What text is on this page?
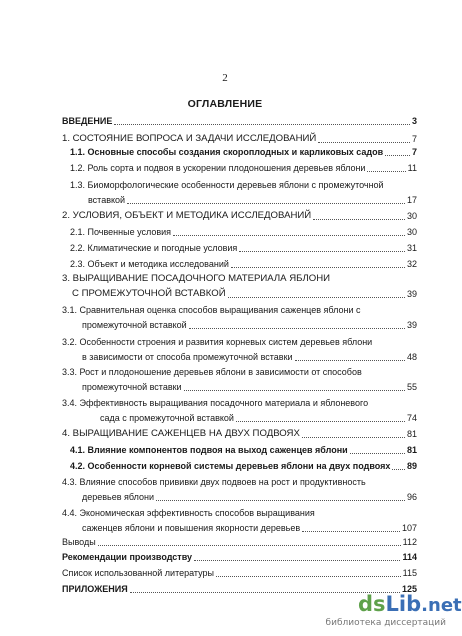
2
ОГЛАВЛЕНИЕ
ВВЕДЕНИЕ	3
1. СОСТОЯНИЕ ВОПРОСА И ЗАДАЧИ ИССЛЕДОВАНИЙ	7
1.1. Основные способы создания скороплодных и карликовых садов	7
1.2. Роль сорта и подвоя в ускорении плодоношения деревьев яблони	11
1.3. Биоморфологические особенности деревьев яблони с промежуточной
вставкой	17
2. УСЛОВИЯ, ОБЪЕКТ И МЕТОДИКА ИССЛЕДОВАНИЙ	30
2.1. Почвенные условия	30
2.2. Климатические и погодные условия	31
2.3. Объект и методика исследований	32
3. ВЫРАЩИВАНИЕ ПОСАДОЧНОГО МАТЕРИАЛА ЯБЛОНИ
С ПРОМЕЖУТОЧНОЙ ВСТАВКОЙ	39
3.1. Сравнительная оценка способов выращивания саженцев яблони с
промежуточной вставкой	39
3.2. Особенности строения и развития корневых систем деревьев яблони
в зависимости от способа промежуточной вставки	48
3.3. Рост и плодоношение деревьев яблони в зависимости от способов
промежуточной вставки	55
3.4. Эффективность выращивания посадочного материала и яблоневого
сада с промежуточной вставкой	74
4. ВЫРАЩИВАНИЕ САЖЕНЦЕВ НА ДВУХ ПОДВОЯХ	81
4.1. Влияние компонентов подвоя на выход саженцев яблони	81
4.2. Особенности корневой системы деревьев яблони на двух подвоях 89
4.3. Влияние способов прививки двух подвоев на рост и продуктивность
деревьев яблони	96
4.4. Экономическая эффективность способов выращивания
саженцев яблони и повышения якорности деревьев	107
Выводы	112
Рекомендации производству	114
Список использованной литературы	115
ПРИЛОЖЕНИЯ	125
dsLib.net
библиотека диссертаций
